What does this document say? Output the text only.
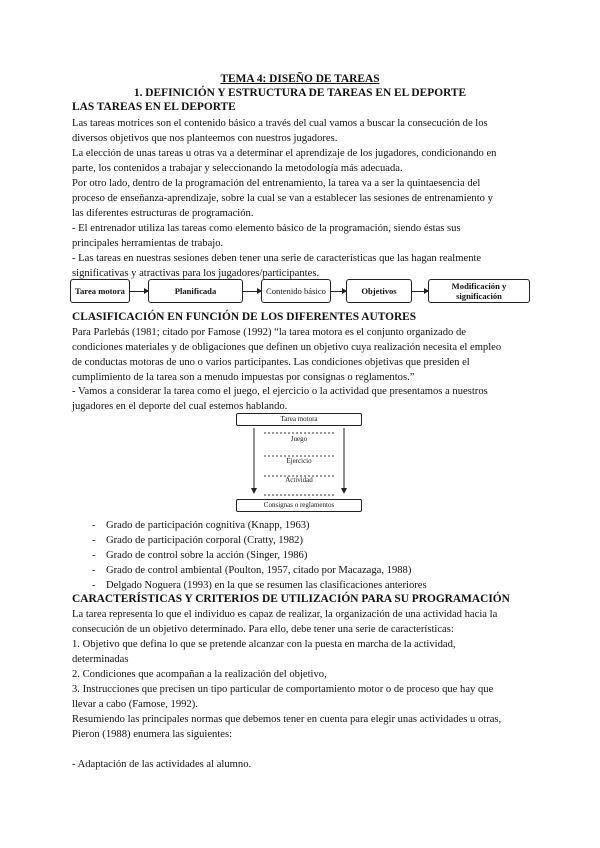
TEMA 4: DISEÑO DE TAREAS
1. DEFINICIÓN Y ESTRUCTURA DE TAREAS EN EL DEPORTE
LAS TAREAS EN EL DEPORTE
Las tareas motrices son el contenido básico a través del cual vamos a buscar la consecución de los
diversos objetivos que nos planteemos con nuestros jugadores.
La elección de unas tareas u otras va a determinar el aprendizaje de los jugadores, condicionando en
parte, los contenidos a trabajar y seleccionando la metodología más adecuada.
Por otro lado, dentro de la programación del entrenamiento, la tarea va a ser la quintaesencia del
proceso de enseñanza-aprendizaje, sobre la cual se van a establecer las sesiones de entrenamiento y
las diferentes estructuras de programación.
- El entrenador utiliza las tareas como elemento básico de la programación, siendo éstas sus
principales herramientas de trabajo.
- Las tareas en nuestras sesiones deben tener una serie de características que las hagan realmente
significativas y atractivas para los jugadores/participantes.
Tarea motora	Planificada	Contenido básico	Objetivos	Modificación y significación
CLASIFICACIÓN EN FUNCIÓN DE LOS DIFERENTES AUTORES
Para Parlebás (1981; citado por Famose (1992) “la tarea motora es el conjunto organizado de
condiciones materiales y de obligaciones que definen un objetivo cuya realización necesita el empleo
de conductas motoras de uno o varios participantes. Las condiciones objetivas que presiden el
cumplimiento de la tarea son a menudo impuestas por consignas o reglamentos.”
- Vamos a considerar la tarea como el juego, el ejercicio o la actividad que presentamos a nuestros
jugadores en el deporte del cual estemos hablando.
Tarea motora
Juego
Ejercicio
Actividad
Consignas o reglamentos
- Grado de participación cognitiva (Knapp, 1963)
- Grado de participación corporal (Cratty, 1982)
- Grado de control sobre la acción (Singer, 1986)
- Grado de control ambiental (Poulton, 1957, citado por Macazaga, 1988)
- Delgado Noguera (1993) en la que se resumen las clasificaciones anteriores
CARACTERÍSTICAS Y CRITERIOS DE UTILIZACIÓN PARA SU PROGRAMACIÓN
La tarea representa lo que el individuo es capaz de realizar, la organización de una actividad hacia la
consecución de un objetivo determinado. Para ello, debe tener una serie de características:
1. Objetivo que defina lo que se pretende alcanzar con la puesta en marcha de la actividad,
determinadas
2. Condiciones que acompañan a la realización del objetivo,
3. Instrucciones que precisen un tipo particular de comportamiento motor o de proceso que hay que
llevar a cabo (Famose, 1992).
Resumiendo las principales normas que debemos tener en cuenta para elegir unas actividades u otras,
Pieron (1988) enumera las siguientes:
- Adaptación de las actividades al alumno.
